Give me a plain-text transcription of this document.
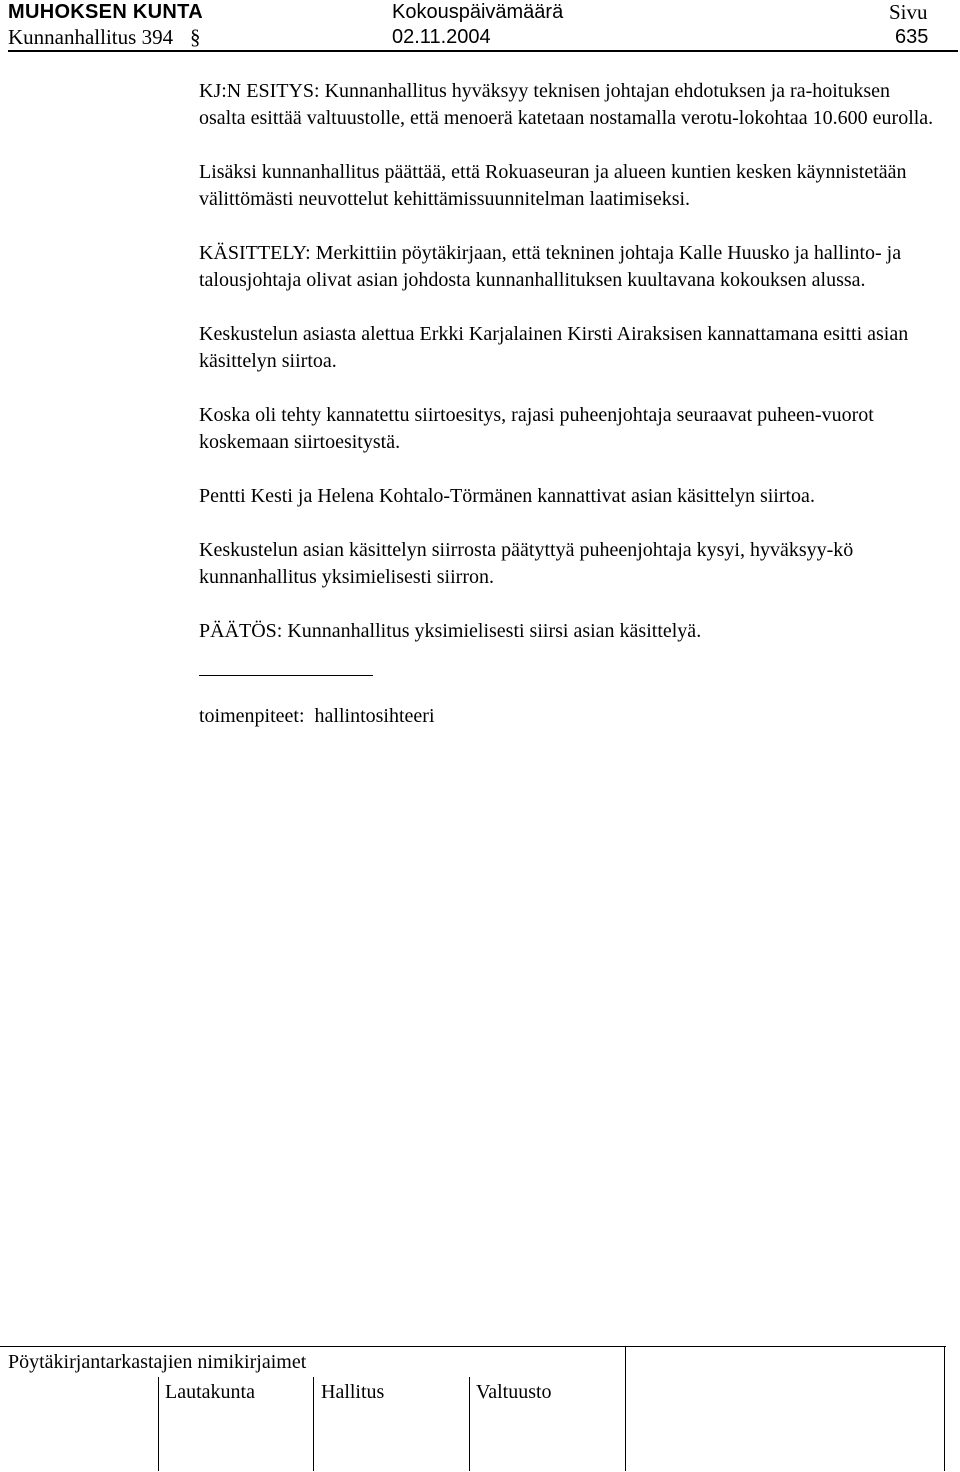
MUHOKSEN KUNTA	Kokouspäivämäärä	Sivu
Kunnanhallitus 394 §	02.11.2004	635

KJ:N ESITYS: Kunnanhallitus hyväksyy teknisen johtajan ehdotuksen ja ra-hoituksen osalta esittää valtuustolle, että menoerä katetaan nostamalla verotu-lokohtaa 10.600 eurolla.

Lisäksi kunnanhallitus päättää, että Rokuaseuran ja alueen kuntien kesken käynnistetään välittömästi neuvottelut kehittämissuunnitelman laatimiseksi.

KÄSITTELY: Merkittiin pöytäkirjaan, että tekninen johtaja Kalle Huusko ja hallinto- ja talousjohtaja olivat asian johdosta kunnanhallituksen kuultavana kokouksen alussa.

Keskustelun asiasta alettua Erkki Karjalainen Kirsti Airaksisen kannattamana esitti asian käsittelyn siirtoa.

Koska oli tehty kannatettu siirtoesitys, rajasi puheenjohtaja seuraavat puheen-vuorot koskemaan siirtoesitystä.

Pentti Kesti ja Helena Kohtalo-Törmänen kannattivat asian käsittelyn siirtoa.

Keskustelun asian käsittelyn siirrosta päätyttyä puheenjohtaja kysyi, hyväksyy-kö kunnanhallitus yksimielisesti siirron.

PÄÄTÖS: Kunnanhallitus yksimielisesti siirsi asian käsittelyä.

toimenpiteet: hallintosihteeri

Pöytäkirjantarkastajien nimikirjaimet
Lautakunta	Hallitus	Valtuusto
